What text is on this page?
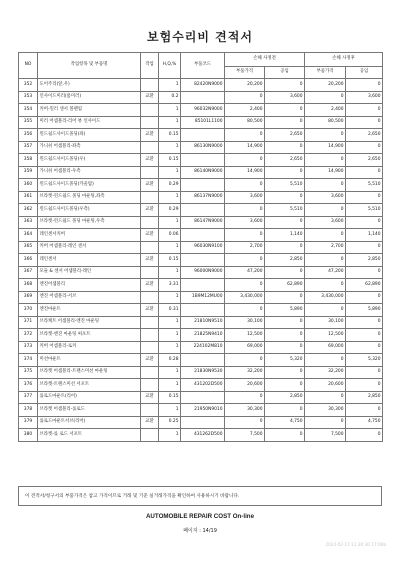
보험수리비 견적서
NO	작업항목 및 부품명	작업	H,Q,%	부품코드	손해 사정전		손해 사정후	
					부품가격	공임	부품가격	공임
352	도어주리(앞,우)		1	82420N9000	20,200	0	20,200	0
353	인사이드미러(룸미러)	교환	0.2		0	3,600	0	3,600
354	커버-밀러 센서 볼펜립		1	96032N9000	2,400	0	2,400	0
355	미러 어셈블리-리어 뷰 인사이드		1	85101L1100	80,500	0	80,500	0
356	윈드쉴드사이드몰딩(좌)	교환	0.15		0	2,650	0	2,650
357	가니쉬 어셈블리-좌측		1	86130N9000	14,900	0	14,900	0
358	윈드쉴드사이드몰딩(우)	교환	0.15		0	2,650	0	2,650
359	가니쉬 어셈블리-우측		1	86140N9000	14,900	0	14,900	0
360	윈드쉴드사이드몰딩(카울탑)	교환	0.29		0	5,510	0	5,510
361	브라켓-윈드쉴드 몰딩 마운팅,좌측		1	86137N9000	3,600	0	3,600	0
362	윈드쉴드사이드몰딩(우측)	교환	0.29		0	5,510	0	5,510
363	브라켓-윈드쉴드 몰딩 마운팅,우측		1	86147N9000	3,600	0	3,600	0
364	레인센서커버	교환	0.06		0	1,140	0	1,140
365	커버 어셈블리-레인 센서		1	96030N9100	2,700	0	2,700	0
366	레인센서	교환	0.15		0	2,850	0	2,850
367	모듈 & 센서 어셈블리-레인		1	96000N9000	47,200	0	47,200	0
368	엔진어셈블리	교환	3.31		0	62,890	0	62,890
369	엔진 어셈블리-서브		1	1B9M12MU00	3,430,000	0	3,430,000	0
370	엔진마운트	교환	0.31		0	5,890	0	5,890
371	브라케트 어셈블리-엔진 마운팅		1	21810N9510	30,100	0	30,100	0
372	브라켓-엔진 마운팅 써포트		1	21825N9410	12,500	0	12,500	0
373	커버 어셈블리-로커		1	224102M810	69,000	0	69,000	0
374	미션마운트	교환	0.28		0	5,320	0	5,320
375	브라켓 어셈블리-트랜스미션 마운팅		1	21830N9530	32,200	0	32,200	0
376	브라켓-트랜스미션 서포트		1	431202D500	20,600	0	20,600	0
377	롤로드마운트(리어)	교환	0.15		0	2,850	0	2,850
378	브라켓 어셈블리-롤로드		1	21950N9010	30,300	0	30,300	0
379	롤로드마운트서브(리어)	교환	0.25		0	4,750	0	4,750
380	브라켓-롤 로드 서포트		1	431262D500	7,500	0	7,500	0
이 견적서/청구서의 부품가격은 참고 가격이므로 거래 및 기준 실거래가격을 확인하여 사용하시기 바랍니다.
AUTOMOBILE REPAIR COST On-line
페이지 : 14/19
2024-02-17 11:30:30 17:00b
